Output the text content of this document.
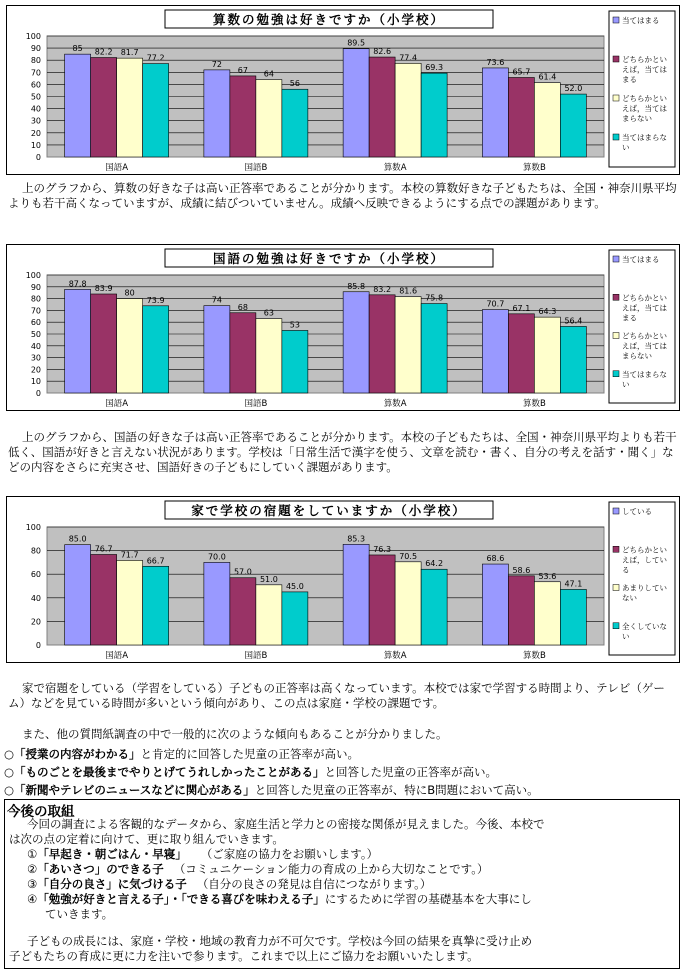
算数の勉強は好きですか（小学校）
0
10
20
30
40
50
60
70
80
90
100
85 82.2 81.7
77.2
国語A
72
67 64
56
国語B
89.5
82.6
77.4
69.3
算数A
73.6
65.7
61.4
52.0
算数B
当てはまる
どちらかとい
えば，当ては
まる
どちらかとい
えば，当ては
まらない
当てはまらな
い

上のグラフから、算数の好きな子は高い正答率であることが分かります。本校の算数好きな子どもたちは、全国・神奈川県平均よりも若干高くなっていますが、成績に結びついていません。成績へ反映できるようにする点での課題があります。

国語の勉強は好きですか（小学校）
0
10
20
30
40
50
60
70
80
90
100
87.8
83.9
80
73.9
国語A
74
68
63
53
国語B
85.8 83.2 81.6
75.8
算数A
70.7 67.1 64.3
56.4
算数B
当てはまる
どちらかとい
えば，当ては
まる
どちらかとい
えば，当ては
まらない
当てはまらな
い

上のグラフから、国語の好きな子は高い正答率であることが分かります。本校の子どもたちは、全国・神奈川県平均よりも若干低く、国語が好きと言えない状況があります。学校は「日常生活で漢字を使う、文章を読む・書く、自分の考えを話す・聞く」などの内容をさらに充実させ、国語好きの子どもにしていく課題があります。

家で学校の宿題をしていますか（小学校）
0
20
40
60
80
100
85.0
76.7
71.7
66.7
国語A
70.0
57.0
51.0
45.0
国語B
85.3
76.3
70.5
64.2
算数A
68.6
58.6
53.6
47.1
算数B
している
どちらかとい
えば，してい
る
あまりしてい
ない
全くしていな
い

家で宿題をしている（学習をしている）子どもの正答率は高くなっています。本校では家で学習する時間より、テレビ（ゲーム）などを見ている時間が多いという傾向があり、この点は家庭・学校の課題です。

また、他の質問紙調査の中で一般的に次のような傾向もあることが分かりました。

○「授業の内容がわかる」と肯定的に回答した児童の正答率が高い。
○「ものごとを最後までやりとげてうれしかったことがある」と回答した児童の正答率が高い。
○「新聞やテレビのニュースなどに関心がある」と回答した児童の正答率が、特にB問題において高い。
今後の取組
今回の調査による客観的なデータから、家庭生活と学力との密接な関係が見えました。今後、本校で
は次の点の定着に向けて、更に取り組んでいきます。
①「早起き・朝ごはん・早寝」 （ご家庭の協力をお願いします。）
②「あいさつ」のできる子 （コミュニケーション能力の育成の上から大切なことです。）
③「自分の良さ」に気づける子 （自分の良さの発見は自信につながります。）
④「勉強が好きと言える子」・「できる喜びを味わえる子」にするために学習の基礎基本を大事にし
ていきます。
子どもの成長には、家庭・学校・地域の教育力が不可欠です。学校は今回の結果を真摯に受け止め
子どもたちの育成に更に力を注いで参ります。これまで以上にご協力をお願いいたします。
